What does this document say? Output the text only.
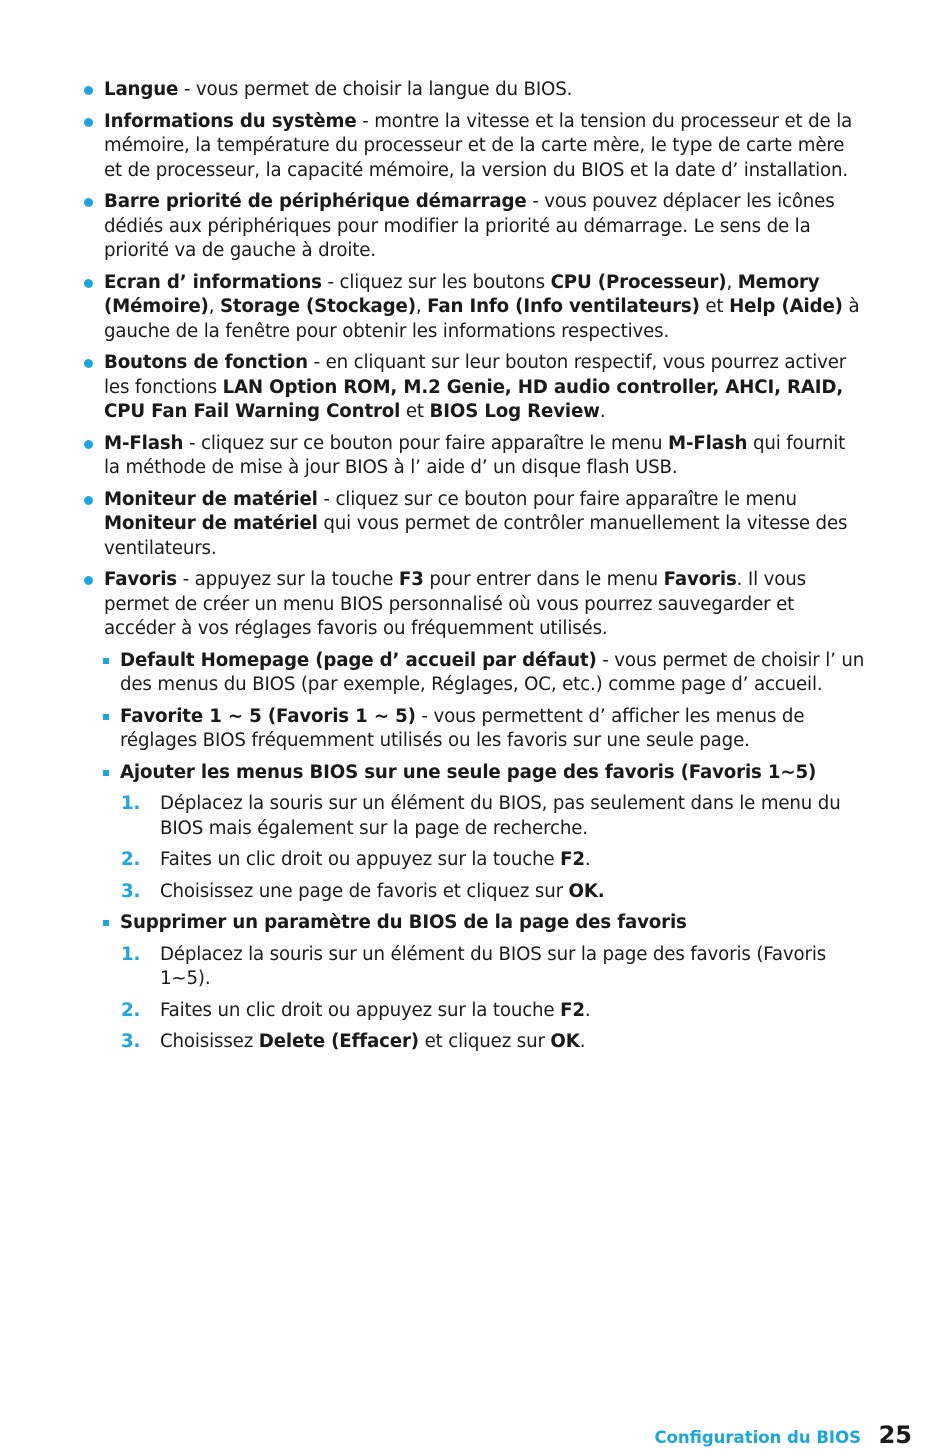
Langue - vous permet de choisir la langue du BIOS.
Informations du système - montre la vitesse et la tension du processeur et de la mémoire, la température du processeur et de la carte mère, le type de carte mère et de processeur, la capacité mémoire, la version du BIOS et la date d’ installation.
Barre priorité de périphérique démarrage - vous pouvez déplacer les icônes dédiés aux périphériques pour modifier la priorité au démarrage. Le sens de la priorité va de gauche à droite.
Ecran d’ informations - cliquez sur les boutons CPU (Processeur), Memory (Mémoire), Storage (Stockage), Fan Info (Info ventilateurs) et Help (Aide) à gauche de la fenêtre pour obtenir les informations respectives.
Boutons de fonction - en cliquant sur leur bouton respectif, vous pourrez activer les fonctions LAN Option ROM, M.2 Genie, HD audio controller, AHCI, RAID, CPU Fan Fail Warning Control et BIOS Log Review.
M-Flash - cliquez sur ce bouton pour faire apparaître le menu M-Flash qui fournit la méthode de mise à jour BIOS à l’ aide d’ un disque flash USB.
Moniteur de matériel - cliquez sur ce bouton pour faire apparaître le menu Moniteur de matériel qui vous permet de contrôler manuellement la vitesse des ventilateurs.
Favoris - appuyez sur la touche F3 pour entrer dans le menu Favoris. Il vous permet de créer un menu BIOS personnalisé où vous pourrez sauvegarder et accéder à vos réglages favoris ou fréquemment utilisés.
Default Homepage (page d’ accueil par défaut) - vous permet de choisir l’ un des menus du BIOS (par exemple, Réglages, OC, etc.) comme page d’ accueil.
Favorite 1 ~ 5 (Favoris 1 ~ 5) - vous permettent d’ afficher les menus de réglages BIOS fréquemment utilisés ou les favoris sur une seule page.
Ajouter les menus BIOS sur une seule page des favoris (Favoris 1~5)
1. Déplacez la souris sur un élément du BIOS, pas seulement dans le menu du BIOS mais également sur la page de recherche.
2. Faites un clic droit ou appuyez sur la touche F2.
3. Choisissez une page de favoris et cliquez sur OK.
Supprimer un paramètre du BIOS de la page des favoris
1. Déplacez la souris sur un élément du BIOS sur la page des favoris (Favoris 1~5).
2. Faites un clic droit ou appuyez sur la touche F2.
3. Choisissez Delete (Effacer) et cliquez sur OK.
Configuration du BIOS 25
